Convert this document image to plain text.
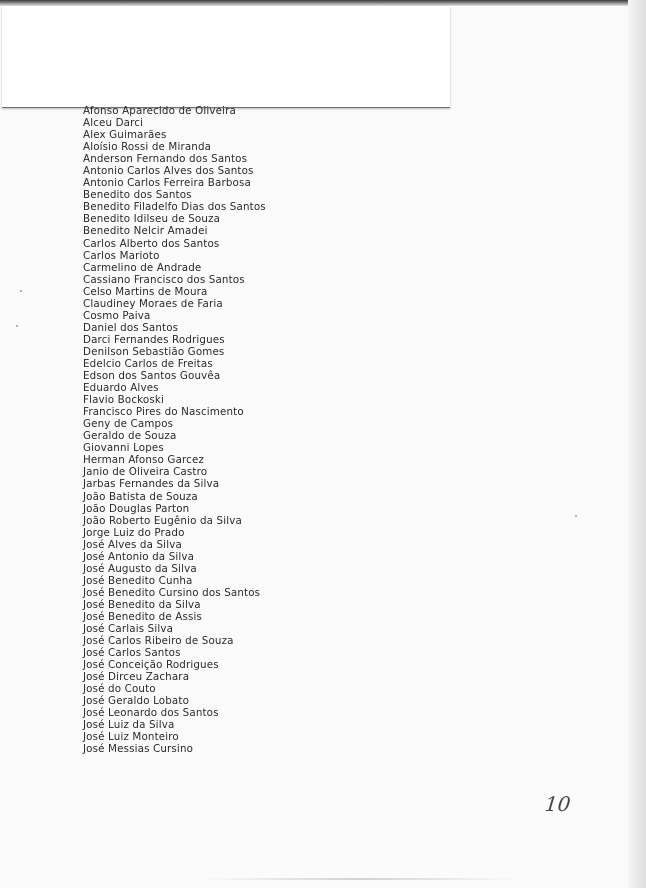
Afonso Aparecido de Oliveira
Alceu Darci
Alex Guimarães
Aloísio Rossi de Miranda
Anderson Fernando dos Santos
Antonio Carlos Alves dos Santos
Antonio Carlos Ferreira Barbosa
Benedito dos Santos
Benedito Filadelfo Dias dos Santos
Benedito Idilseu de Souza
Benedito Nelcir Amadei
Carlos Alberto dos Santos
Carlos Marioto
Carmelino de Andrade
Cassiano Francisco dos Santos
Celso Martins de Moura
Claudiney Moraes de Faria
Cosmo Paiva
Daniel dos Santos
Darci Fernandes Rodrigues
Denilson Sebastião Gomes
Edelcio Carlos de Freitas
Edson dos Santos Gouvêa
Eduardo Alves
Flavio Bockoski
Francisco Pires do Nascimento
Geny de Campos
Geraldo de Souza
Giovanni Lopes
Herman Afonso Garcez
Janio de Oliveira Castro
Jarbas Fernandes da Silva
João Batista de Souza
João Douglas Parton
João Roberto Eugênio da Silva
Jorge Luiz do Prado
José Alves da Silva
José Antonio da Silva
José Augusto da Silva
José Benedito Cunha
José Benedito Cursino dos Santos
José Benedito da Silva
José Benedito de Assis
José Carlais Silva
José Carlos Ribeiro de Souza
José Carlos Santos
José Conceição Rodrigues
José Dirceu Zachara
José do Couto
José Geraldo Lobato
José Leonardo dos Santos
José Luiz da Silva
José Luiz Monteiro
José Messias Cursino
10
